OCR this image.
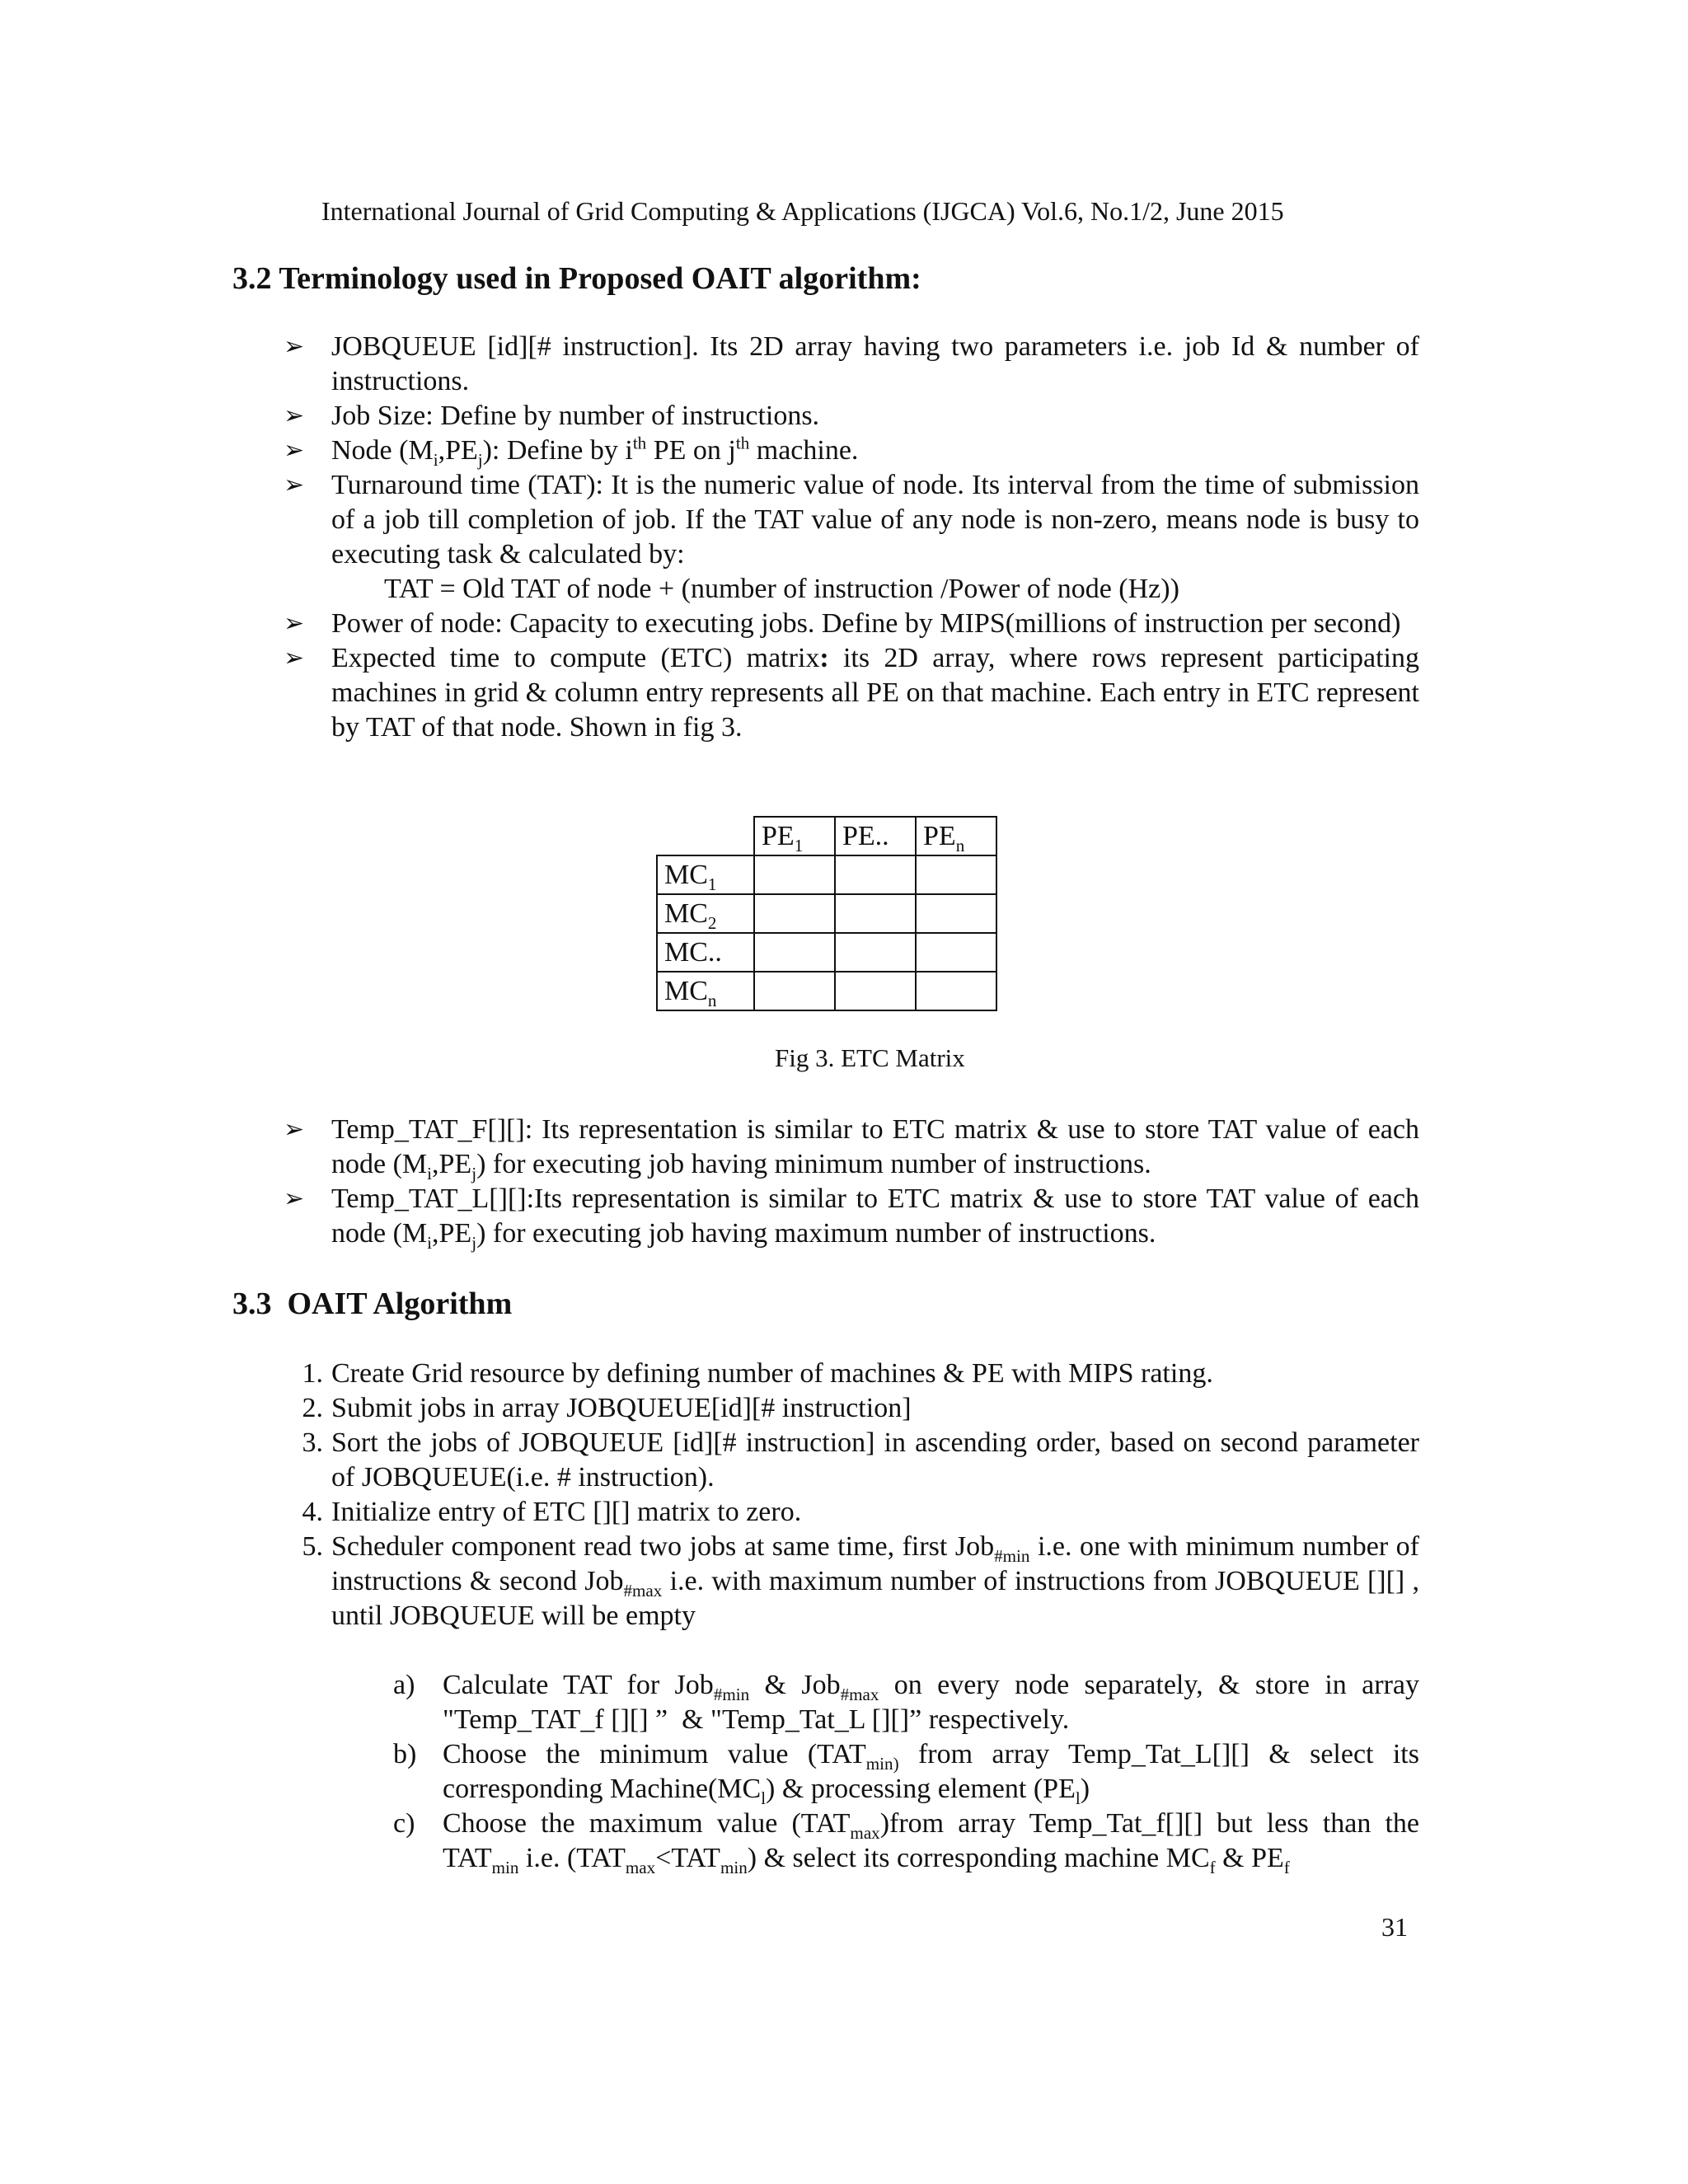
International Journal of Grid Computing & Applications (IJGCA) Vol.6, No.1/2, June 2015
3.2 Terminology used in Proposed OAIT algorithm:
➢ JOBQUEUE [id][# instruction]. Its 2D array having two parameters i.e. job Id & number of instructions.
➢ Job Size: Define by number of instructions.
➢ Node $(M_i,PE_j)$: Define by $i^{th}$ PE on $j^{th}$ machine.
➢ Turnaround time (TAT): It is the numeric value of node. Its interval from the time of submission of a job till completion of job. If the TAT value of any node is non-zero, means node is busy to executing task & calculated by:
TAT = Old TAT of node + (number of instruction /Power of node (Hz))
➢ Power of node: Capacity to executing jobs. Define by MIPS(millions of instruction per second)
➢ Expected time to compute (ETC) matrix: its 2D array, where rows represent participating machines in grid & column entry represents all PE on that machine. Each entry in ETC represent by TAT of that node. Shown in fig 3.
	$PE_1$	PE..	$PE_n$
$MC_1$			
$MC_2$			
MC..			
$MC_n$			
Fig 3. ETC Matrix
➢ Temp_TAT_F[][]: Its representation is similar to ETC matrix & use to store TAT value of each node $(M_i,PE_j)$ for executing job having minimum number of instructions.
➢ Temp_TAT_L[][]:Its representation is similar to ETC matrix & use to store TAT value of each node $(M_i,PE_j)$ for executing job having maximum number of instructions.
3.3  OAIT Algorithm
1. Create Grid resource by defining number of machines & PE with MIPS rating.
2. Submit jobs in array JOBQUEUE[id][# instruction]
3. Sort the jobs of JOBQUEUE [id][# instruction] in ascending order, based on second parameter of JOBQUEUE(i.e. # instruction).
4. Initialize entry of ETC [][] matrix to zero.
5. Scheduler component read two jobs at same time, first Job$_{\#min}$ i.e. one with minimum number of instructions & second Job$_{\#max}$ i.e. with maximum number of instructions from JOBQUEUE [][] , until JOBQUEUE will be empty
a) Calculate TAT for Job$_{\#min}$ & Job$_{\#max}$ on every node separately, & store in array "Temp_TAT_f [][] ”  & "Temp_Tat_L [][]” respectively.
b) Choose the minimum value ($TAT_{min)}$ from array Temp_Tat_L[][] & select its corresponding $Machine(MC_l)$ & processing element $(PE_l)$
c) Choose the maximum value $(TAT_{max})from$ array Temp_Tat_f[][] but less than the $TAT_{min}$ i.e. $(TAT_{max}<TAT_{min})$ & select its corresponding machine $MC_f$ & $PE_f$
31
